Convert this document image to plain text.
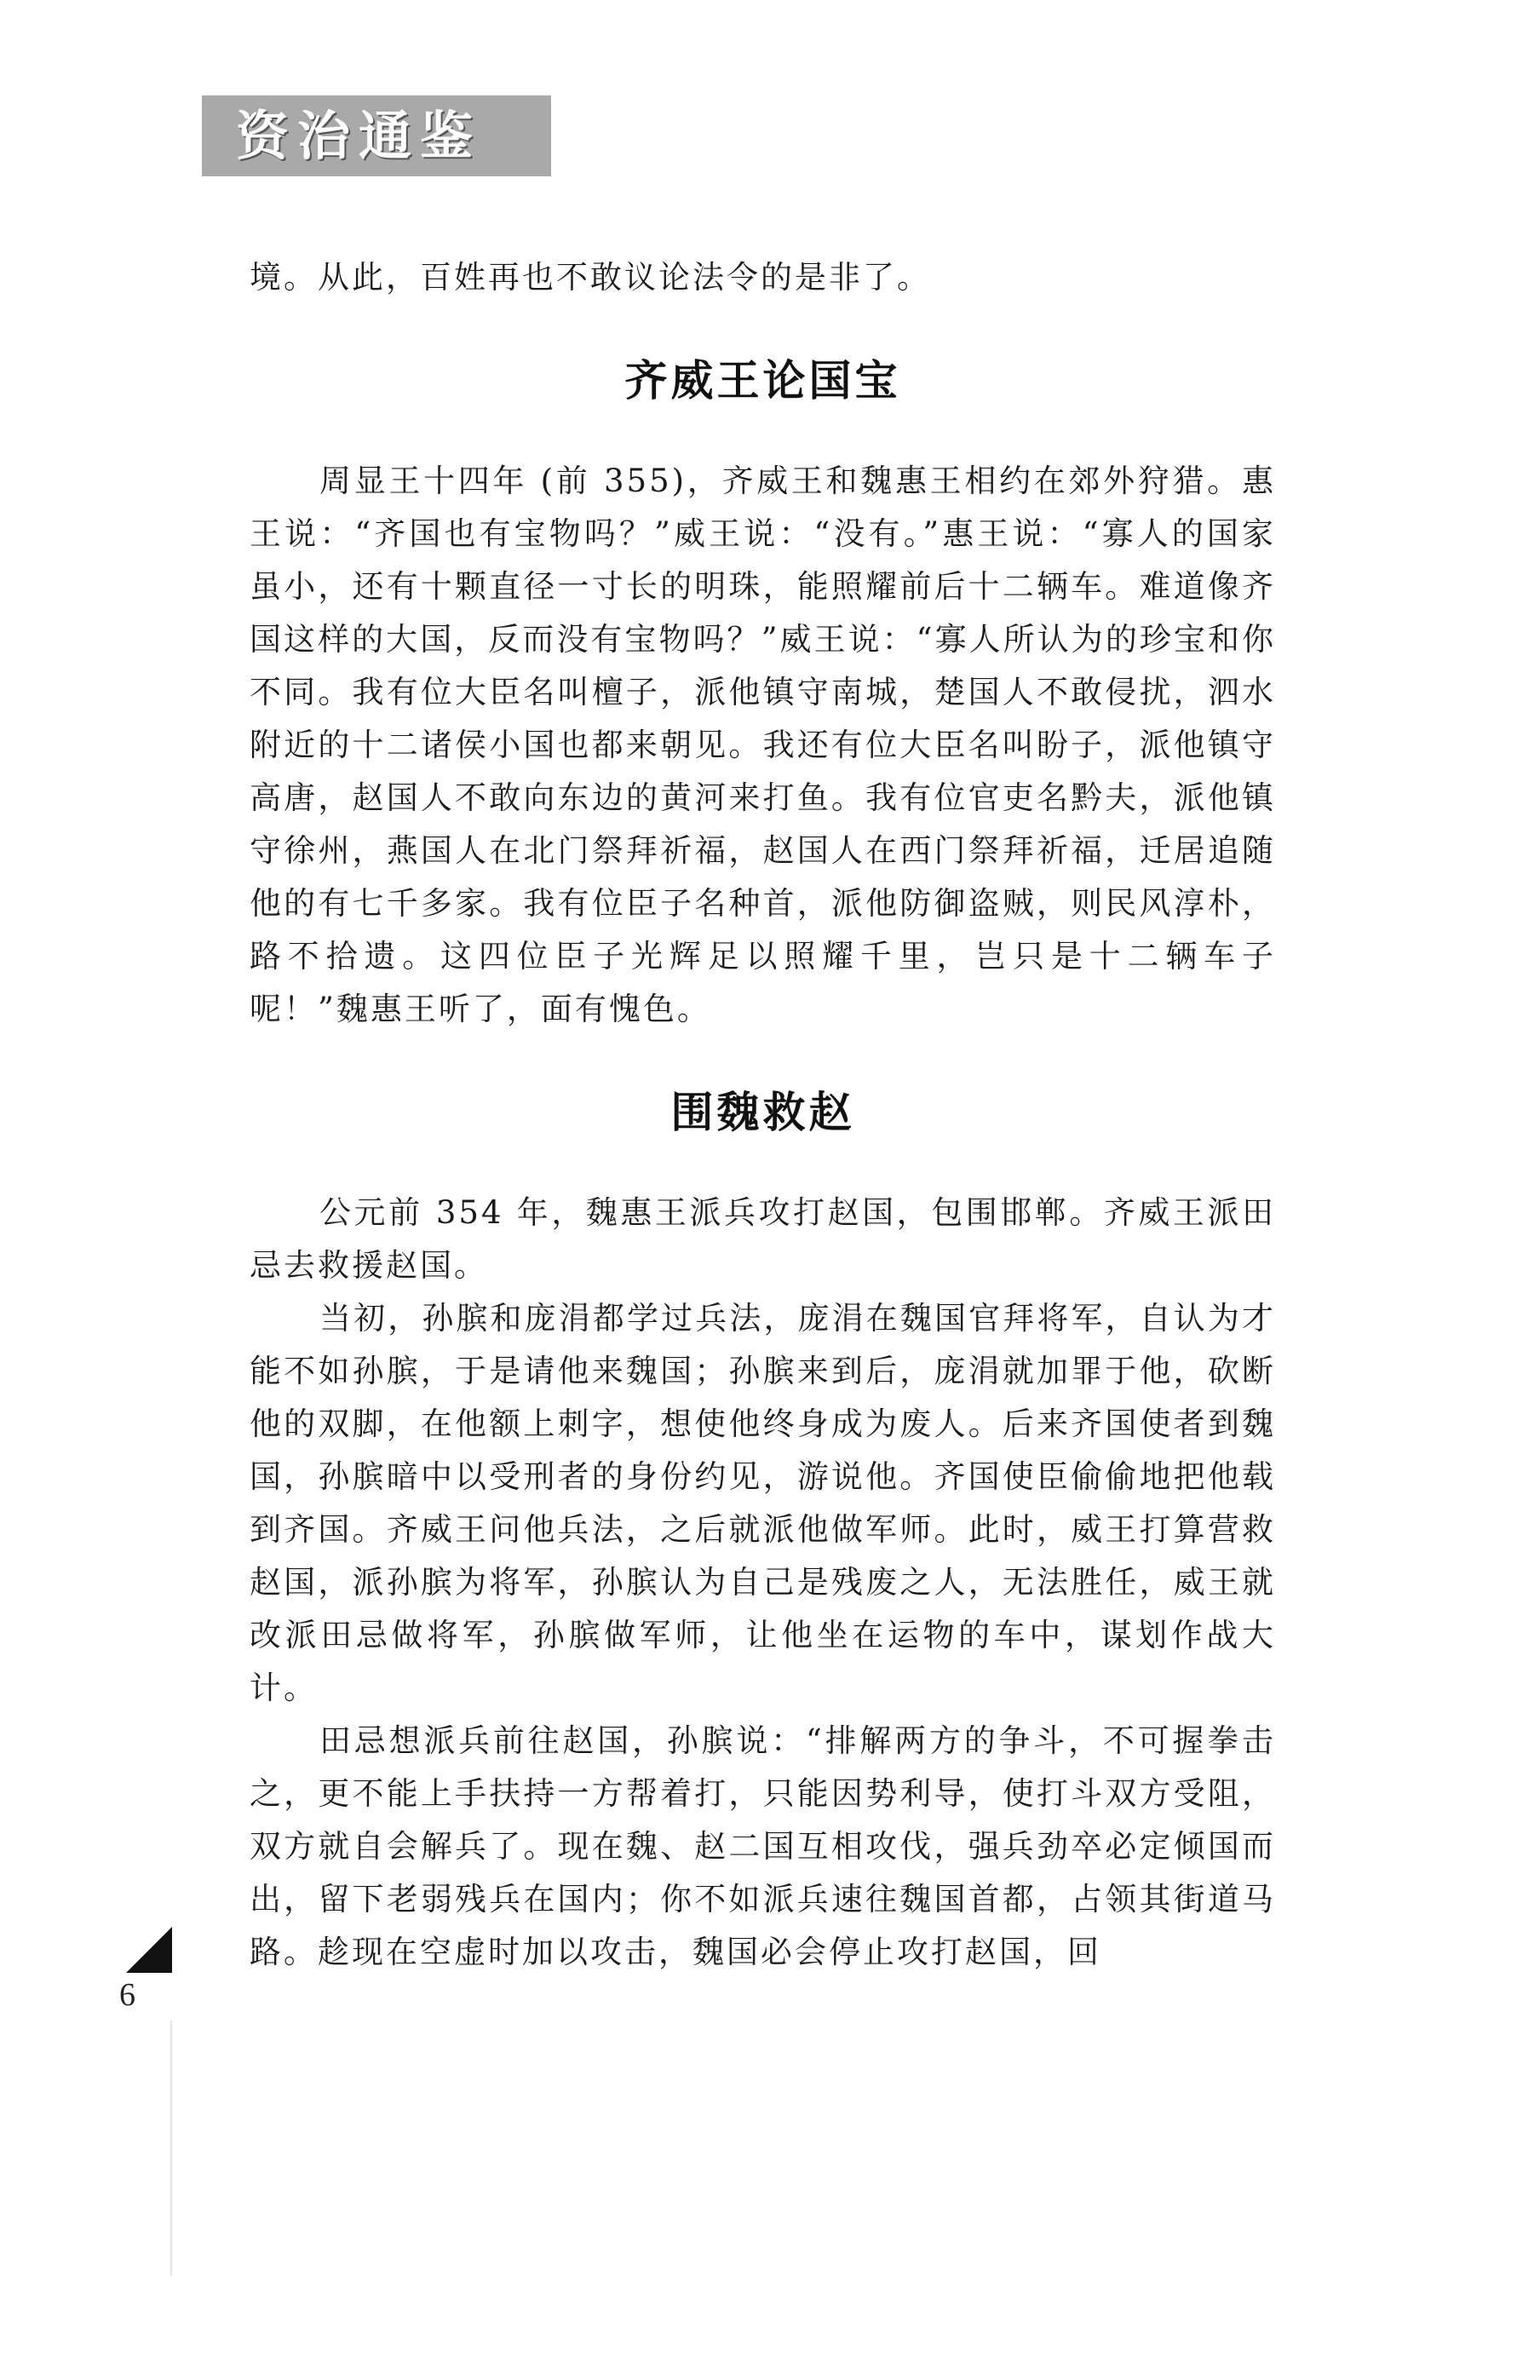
资治通鉴

境。从此，百姓再也不敢议论法令的是非了。

齐威王论国宝

周显王十四年 (前 355)，齐威王和魏惠王相约在郊外狩猎。惠王说：“齐国也有宝物吗？”威王说：“没有。”惠王说：“寡人的国家虽小，还有十颗直径一寸长的明珠，能照耀前后十二辆车。难道像齐国这样的大国，反而没有宝物吗？”威王说：“寡人所认为的珍宝和你不同。我有位大臣名叫檀子，派他镇守南城，楚国人不敢侵扰，泗水附近的十二诸侯小国也都来朝见。我还有位大臣名叫盼子，派他镇守高唐，赵国人不敢向东边的黄河来打鱼。我有位官吏名黔夫，派他镇守徐州，燕国人在北门祭拜祈福，赵国人在西门祭拜祈福，迁居追随他的有七千多家。我有位臣子名种首，派他防御盗贼，则民风淳朴，路不拾遗。这四位臣子光辉足以照耀千里，岂只是十二辆车子呢！”魏惠王听了，面有愧色。

围魏救赵

公元前 354 年，魏惠王派兵攻打赵国，包围邯郸。齐威王派田忌去救援赵国。

当初，孙膑和庞涓都学过兵法，庞涓在魏国官拜将军，自认为才能不如孙膑，于是请他来魏国；孙膑来到后，庞涓就加罪于他，砍断他的双脚，在他额上刺字，想使他终身成为废人。后来齐国使者到魏国，孙膑暗中以受刑者的身份约见，游说他。齐国使臣偷偷地把他载到齐国。齐威王问他兵法，之后就派他做军师。此时，威王打算营救赵国，派孙膑为将军，孙膑认为自己是残废之人，无法胜任，威王就改派田忌做将军，孙膑做军师，让他坐在运物的车中，谋划作战大计。

田忌想派兵前往赵国，孙膑说：“排解两方的争斗，不可握拳击之，更不能上手扶持一方帮着打，只能因势利导，使打斗双方受阻，双方就自会解兵了。现在魏、赵二国互相攻伐，强兵劲卒必定倾国而出，留下老弱残兵在国内；你不如派兵速往魏国首都，占领其街道马路。趁现在空虚时加以攻击，魏国必会停止攻打赵国，回

6
